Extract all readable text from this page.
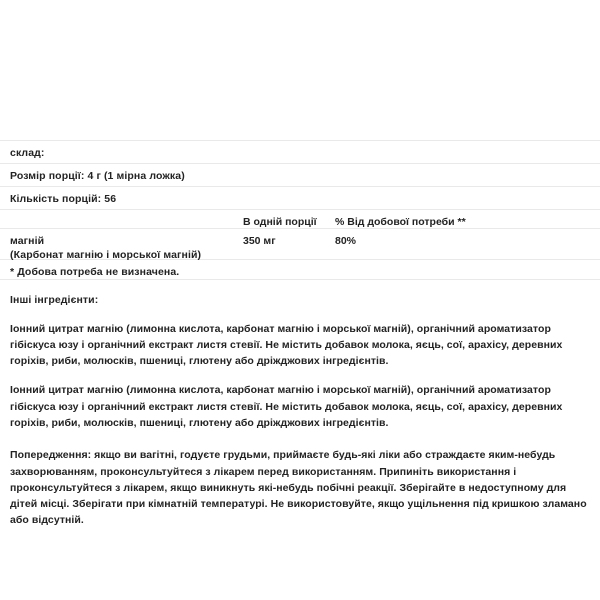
склад:
Розмір порції: 4 г (1 мірна ложка)
Кількість порцій: 56
В одній порції	% Від добової потреби **
магній
(Карбонат магнію і морської магній)
350 мг	80%
* Добова потреба не визначена.

Інші інгредієнти:

Іонний цитрат магнію (лимонна кислота, карбонат магнію і морської магній), органічний ароматизатор гібіскуса юзу і органічний екстракт листя стевії. Не містить добавок молока, яєць, сої, арахісу, деревних горіхів, риби, молюсків, пшениці, глютену або дріжджових інгредієнтів.

Іонний цитрат магнію (лимонна кислота, карбонат магнію і морської магній), органічний ароматизатор гібіскуса юзу і органічний екстракт листя стевії. Не містить добавок молока, яєць, сої, арахісу, деревних горіхів, риби, молюсків, пшениці, глютену або дріжджових інгредієнтів.

Попередження: якщо ви вагітні, годуєте грудьми, приймаєте будь-які ліки або страждаєте яким-небудь захворюванням, проконсультуйтеся з лікарем перед використанням. Припиніть використання і проконсультуйтеся з лікарем, якщо виникнуть які-небудь побічні реакції. Зберігайте в недоступному для дітей місці. Зберігати при кімнатній температурі. Не використовуйте, якщо ущільнення під кришкою зламано або відсутній.
